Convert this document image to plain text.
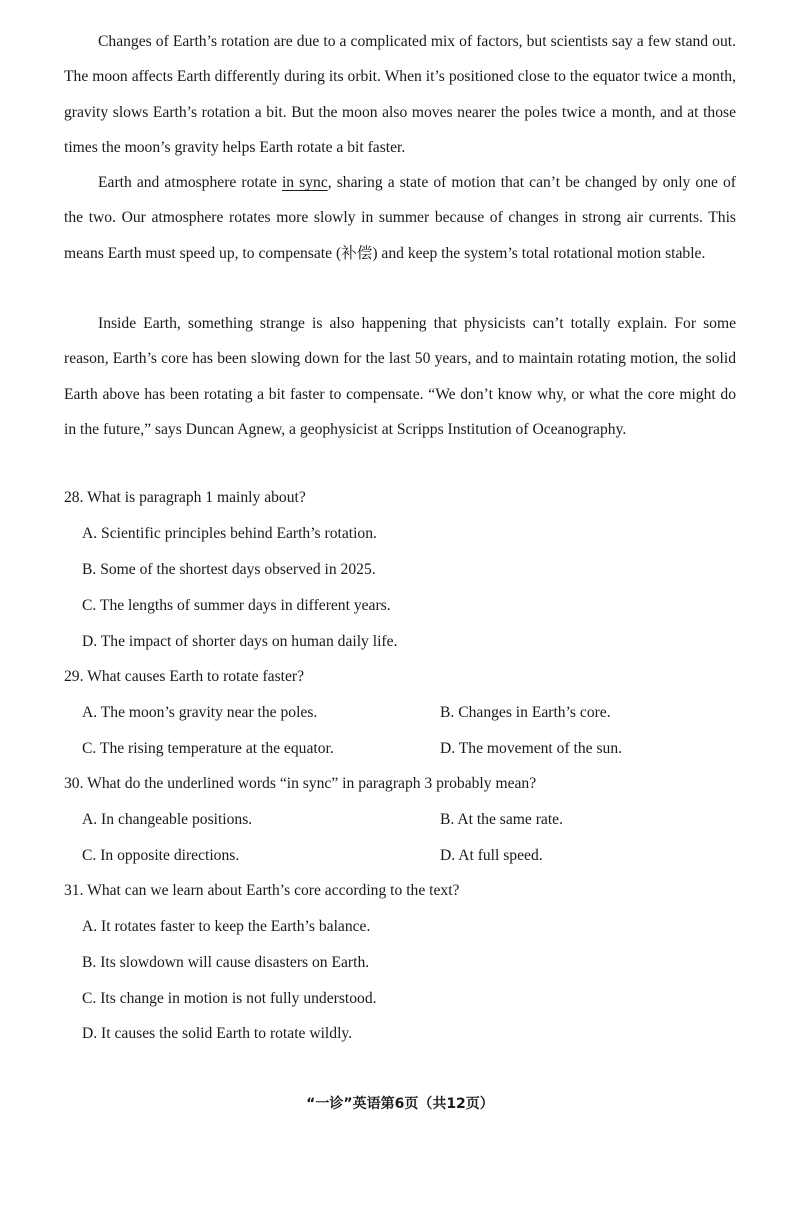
Changes of Earth’s rotation are due to a complicated mix of factors, but scientists say a few stand out. The moon affects Earth differently during its orbit. When it’s positioned close to the equator twice a month, gravity slows Earth’s rotation a bit. But the moon also moves nearer the poles twice a month, and at those times the moon’s gravity helps Earth rotate a bit faster.

Earth and atmosphere rotate in sync, sharing a state of motion that can’t be changed by only one of the two. Our atmosphere rotates more slowly in summer because of changes in strong air currents. This means Earth must speed up, to compensate (补偿) and keep the system’s total rotational motion stable.

Inside Earth, something strange is also happening that physicists can’t totally explain. For some reason, Earth’s core has been slowing down for the last 50 years, and to maintain rotating motion, the solid Earth above has been rotating a bit faster to compensate. “We don’t know why, or what the core might do in the future,” says Duncan Agnew, a geophysicist at Scripps Institution of Oceanography.

28. What is paragraph 1 mainly about?

A. Scientific principles behind Earth’s rotation.

B. Some of the shortest days observed in 2025.

C. The lengths of summer days in different years.

D. The impact of shorter days on human daily life.

29. What causes Earth to rotate faster?

A. The moon’s gravity near the poles.	B. Changes in Earth’s core.

C. The rising temperature at the equator.	D. The movement of the sun.

30. What do the underlined words “in sync” in paragraph 3 probably mean?

A. In changeable positions.	B. At the same rate.

C. In opposite directions.	D. At full speed.

31. What can we learn about Earth’s core according to the text?

A. It rotates faster to keep the Earth’s balance.

B. Its slowdown will cause disasters on Earth.

C. Its change in motion is not fully understood.

D. It causes the solid Earth to rotate wildly.

“一诊”英语第6页（共12页）
